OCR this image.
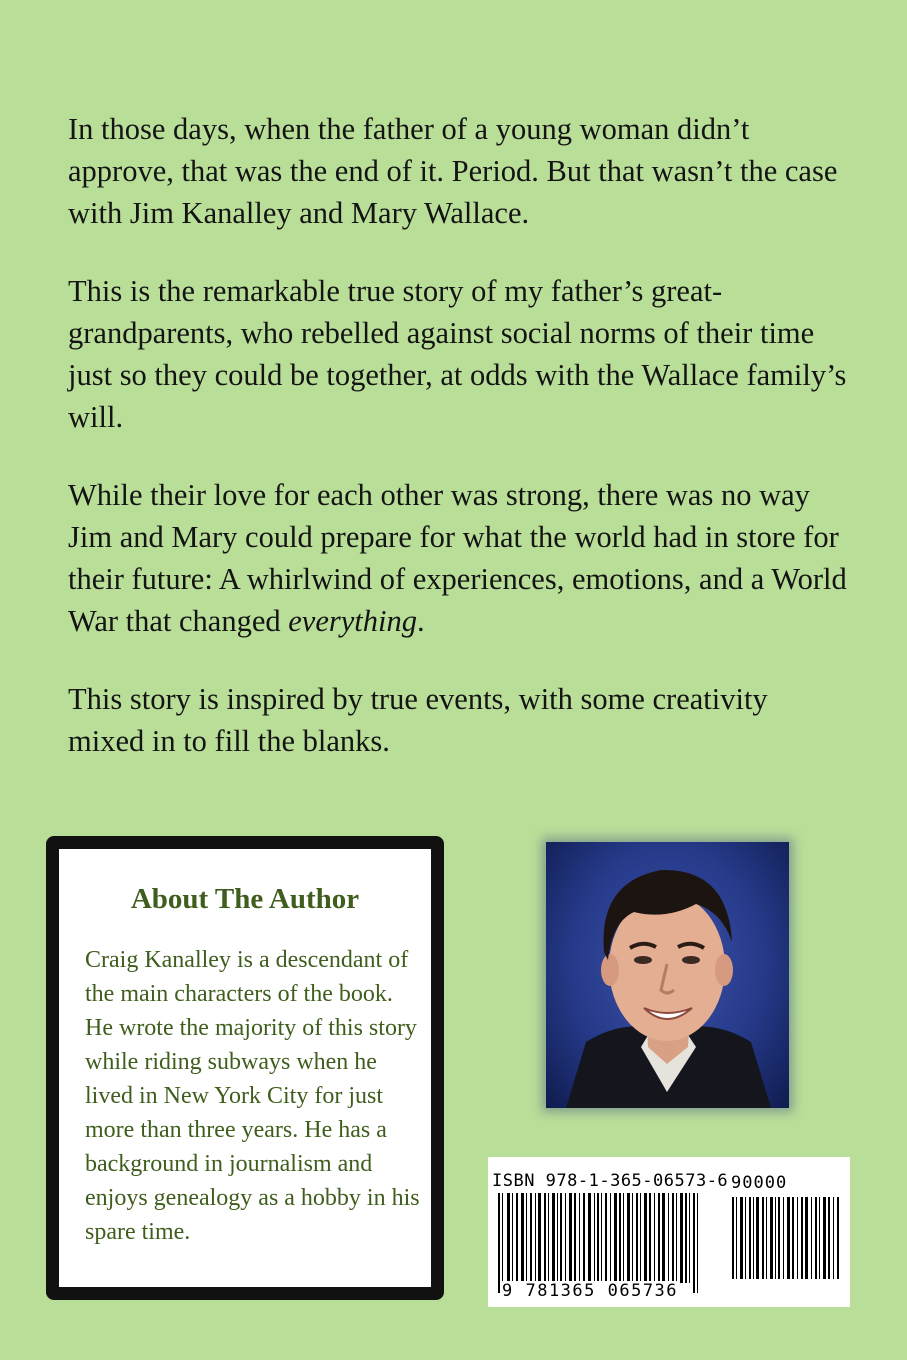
In those days, when the father of a young woman didn’t approve, that was the end of it. Period. But that wasn’t the case with Jim Kanalley and Mary Wallace.

This is the remarkable true story of my father’s great-grandparents, who rebelled against social norms of their time just so they could be together, at odds with the Wallace family’s will.

While their love for each other was strong, there was no way Jim and Mary could prepare for what the world had in store for their future: A whirlwind of experiences, emotions, and a World War that changed everything.

This story is inspired by true events, with some creativity mixed in to fill the blanks.

About The Author
Craig Kanalley is a descendant of the main characters of the book. He wrote the majority of this story while riding subways when he lived in New York City for just more than three years. He has a background in journalism and enjoys genealogy as a hobby in his spare time.
ISBN 978-1-365-06573-6 90000
9 781365 065736
